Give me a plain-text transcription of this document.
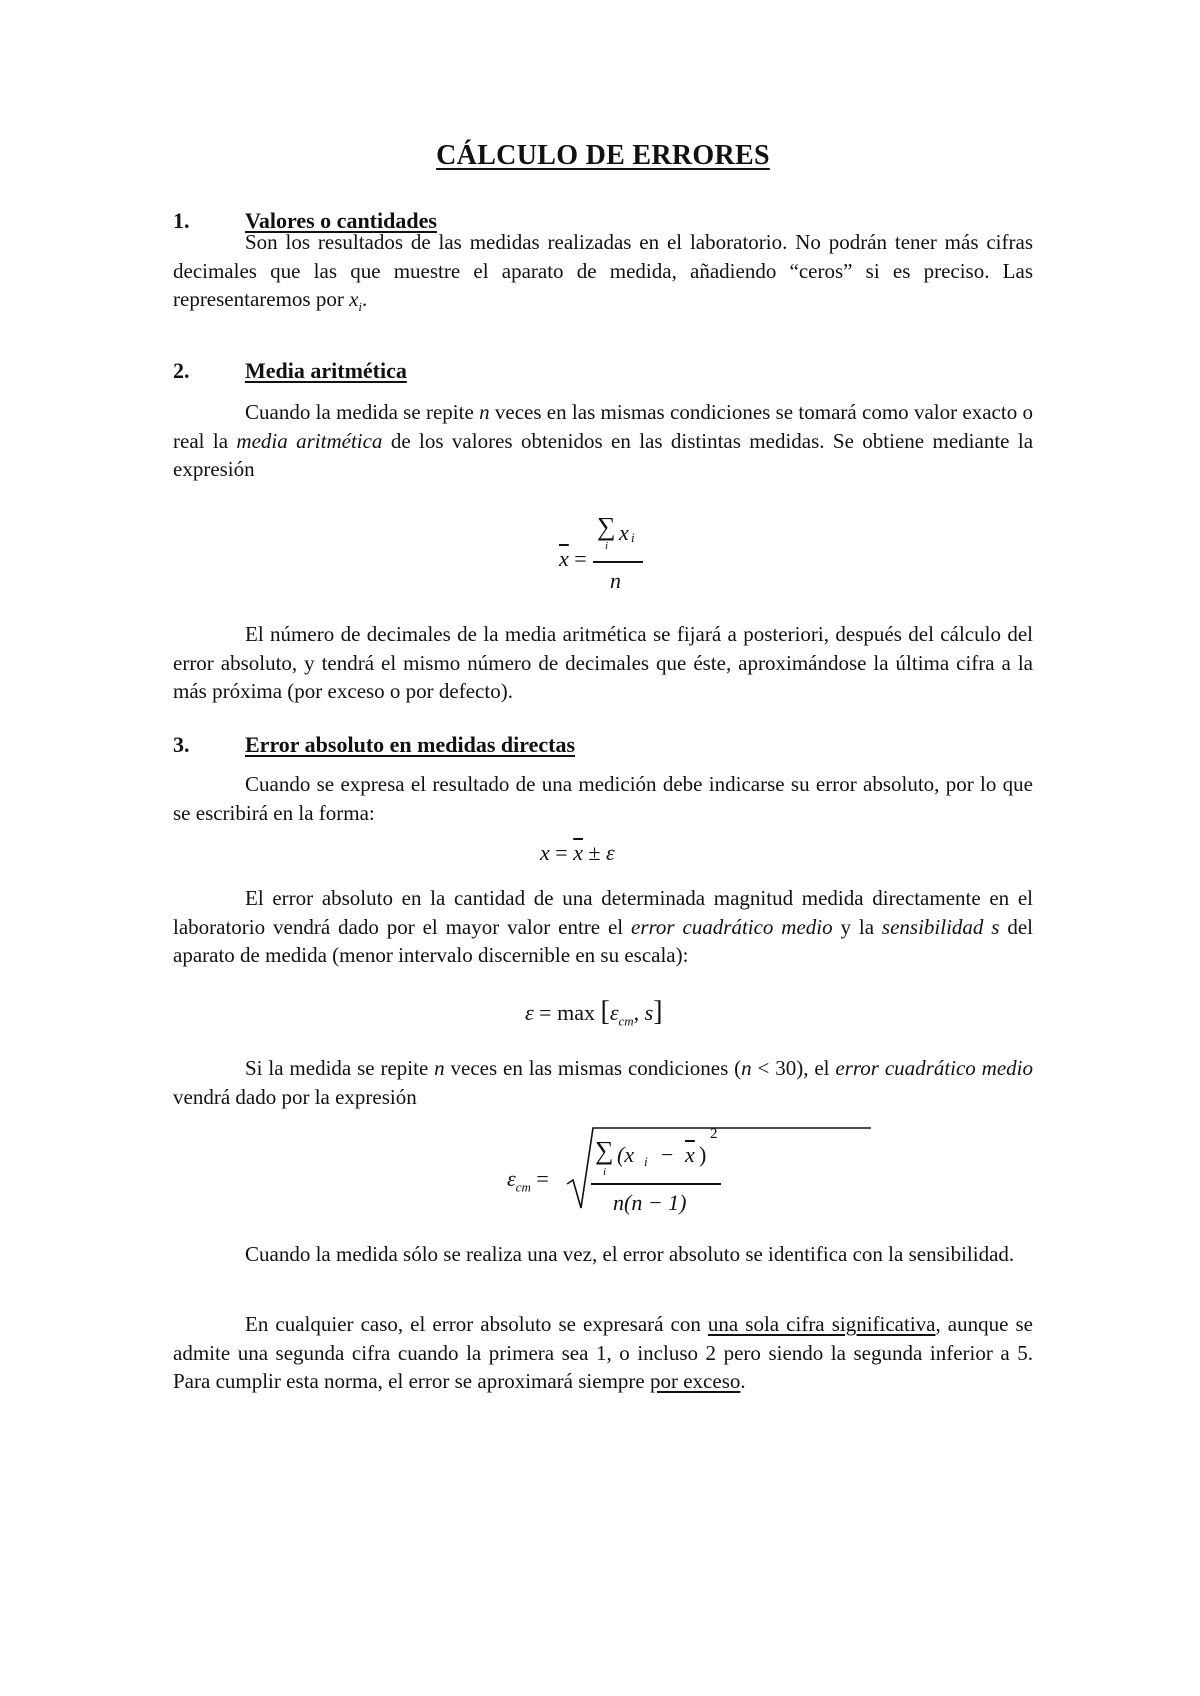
CÁLCULO DE ERRORES
1.	Valores o cantidades

Son los resultados de las medidas realizadas en el laboratorio. No podrán tener más cifras decimales que las que muestre el aparato de medida, añadiendo “ceros” si es preciso. Las representaremos por $x_i$.

2.	Media aritmética

Cuando la medida se repite n veces en las mismas condiciones se tomará como valor exacto o real la media aritmética de los valores obtenidos en las distintas medidas. Se obtiene mediante la expresión

$\overline{x}$ =
∑ x i
i
n

El número de decimales de la media aritmética se fijará a posteriori, después del cálculo del error absoluto, y tendrá el mismo número de decimales que éste, aproximándose la última cifra a la más próxima (por exceso o por defecto).

3.	Error absoluto en medidas directas

Cuando se expresa el resultado de una medición debe indicarse su error absoluto, por lo que se escribirá en la forma:

$x = \overline{x} \pm \varepsilon$

El error absoluto en la cantidad de una determinada magnitud medida directamente en el laboratorio vendrá dado por el mayor valor entre el error cuadrático medio y la sensibilidad s del aparato de medida (menor intervalo discernible en su escala):

$\varepsilon = \max [\varepsilon_{cm}$, s]

Si la medida se repite n veces en las mismas condiciones (n < 30), el error cuadrático medio vendrá dado por la expresión

$\varepsilon_{cm}$ =
∑ (x $i - \overline{x}$ )
2
i
n(n − 1)

Cuando la medida sólo se realiza una vez, el error absoluto se identifica con la sensibilidad.

En cualquier caso, el error absoluto se expresará con una sola cifra significativa, aunque se admite una segunda cifra cuando la primera sea 1, o incluso 2 pero siendo la segunda inferior a 5. Para cumplir esta norma, el error se aproximará siempre por exceso.
